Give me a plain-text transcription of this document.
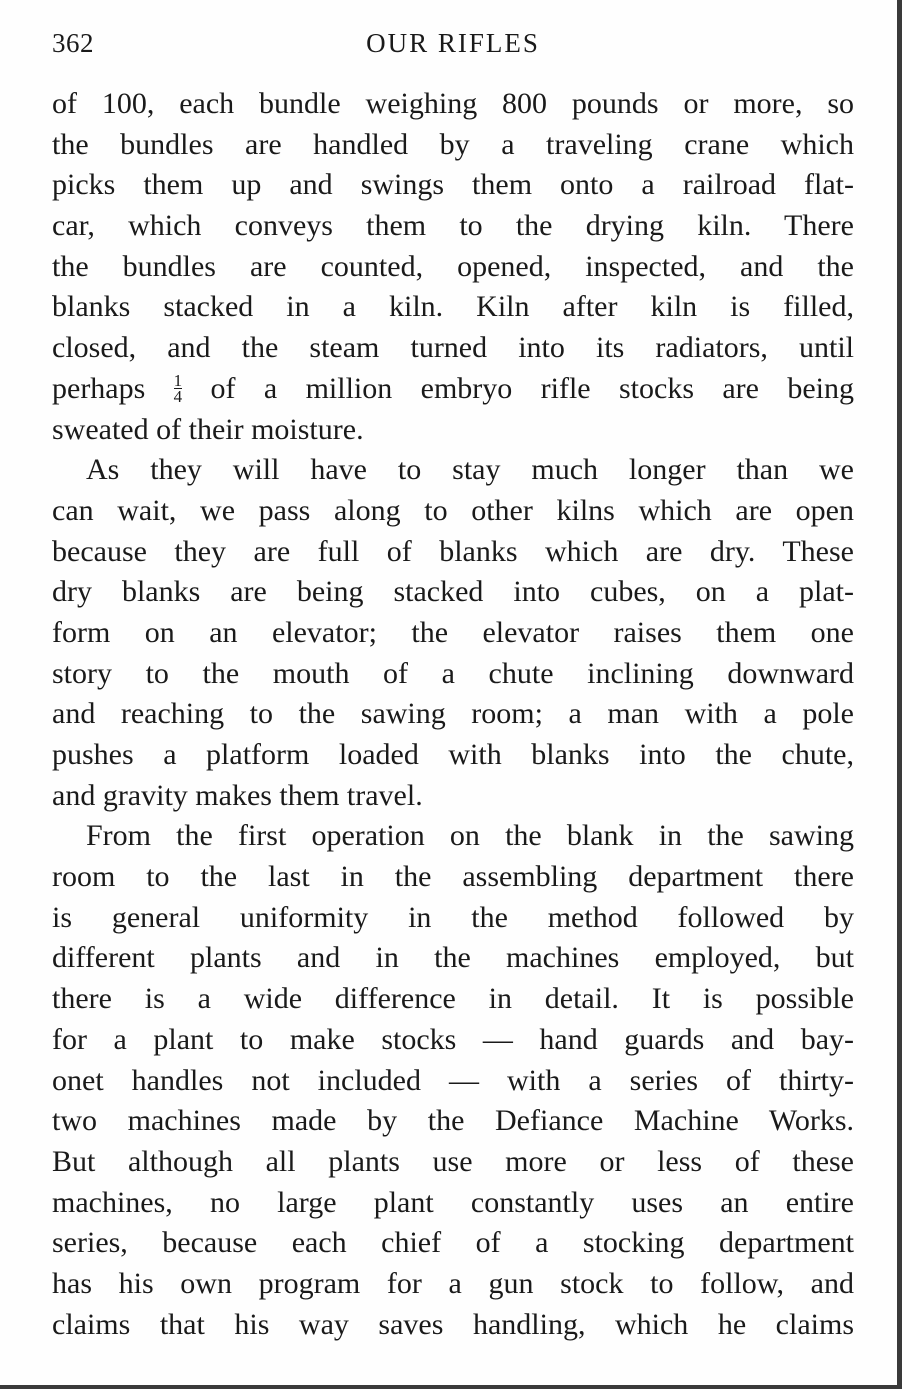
362	OUR RIFLES
of 100, each bundle weighing 800 pounds or more, so
the bundles are handled by a traveling crane which
picks them up and swings them onto a railroad flat-
car, which conveys them to the drying kiln. There
the bundles are counted, opened, inspected, and the
blanks stacked in a kiln. Kiln after kiln is filled,
closed, and the steam turned into its radiators, until
perhaps $\frac{1}{4}$ of a million embryo rifle stocks are being
sweated of their moisture.
As they will have to stay much longer than we
can wait, we pass along to other kilns which are open
because they are full of blanks which are dry. These
dry blanks are being stacked into cubes, on a plat-
form on an elevator; the elevator raises them one
story to the mouth of a chute inclining downward
and reaching to the sawing room; a man with a pole
pushes a platform loaded with blanks into the chute,
and gravity makes them travel.
From the first operation on the blank in the sawing
room to the last in the assembling department there
is general uniformity in the method followed by
different plants and in the machines employed, but
there is a wide difference in detail. It is possible
for a plant to make stocks — hand guards and bay-
onet handles not included — with a series of thirty-
two machines made by the Defiance Machine Works.
But although all plants use more or less of these
machines, no large plant constantly uses an entire
series, because each chief of a stocking department
has his own program for a gun stock to follow, and
claims that his way saves handling, which he claims
